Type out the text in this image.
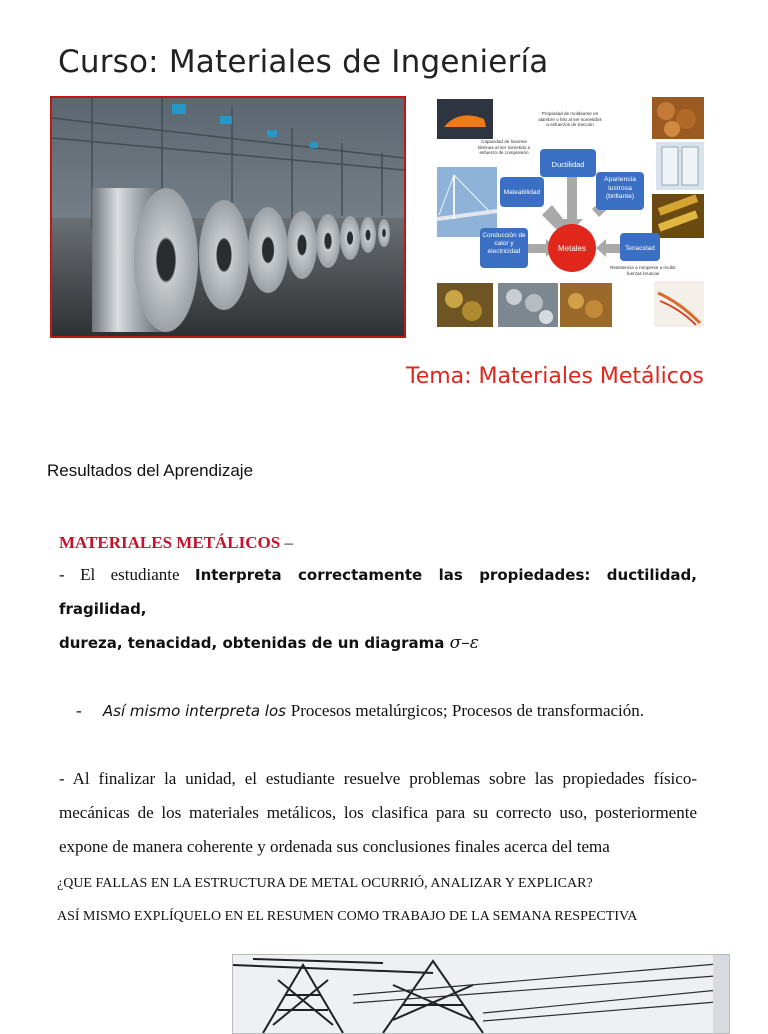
Curso: Materiales de Ingeniería
Ductilidad
Maleabilidad
Apariencia lustrosa (brillante)
Conducción de calor y electricidad	Tenacidad
Metales
Propiedad de moldearse en alambre o hilo al ser sometidos a esfuerzos de tracción
Capacidad de hacerse láminas al ser sometido a esfuerzo de compresión
Resistencia a romperse a recibir fuerzas bruscas
Tema: Materiales Metálicos
Resultados del Aprendizaje

MATERIALES METÁLICOS –

- El estudiante Interpreta correctamente las propiedades: ductilidad, fragilidad,

dureza, tenacidad, obtenidas de un diagrama σ–ε

-     Así mismo interpreta los Procesos metalúrgicos; Procesos de transformación.

- Al finalizar la unidad, el estudiante resuelve problemas sobre las propiedades físico-mecánicas de los materiales metálicos, los clasifica para su correcto uso, posteriormente expone de manera coherente y ordenada sus conclusiones finales acerca del tema

¿QUE FALLAS EN LA ESTRUCTURA DE METAL OCURRIÓ, ANALIZAR Y EXPLICAR?

ASÍ MISMO EXPLÍQUELO EN EL RESUMEN COMO TRABAJO DE LA SEMANA RESPECTIVA
